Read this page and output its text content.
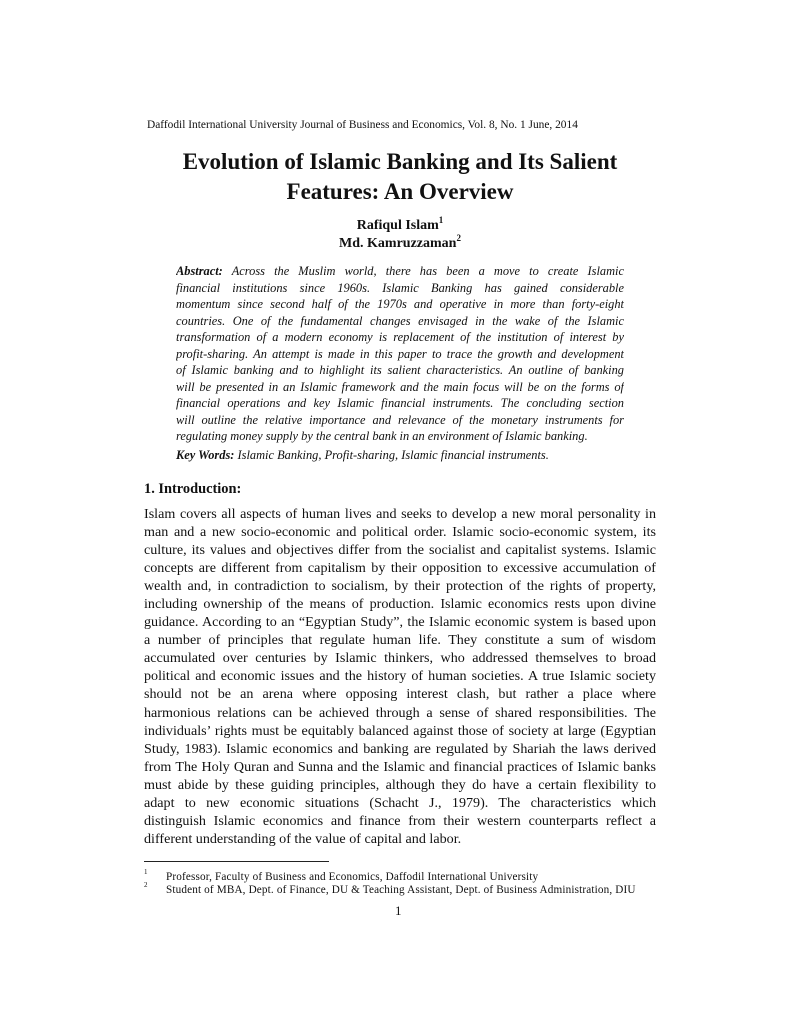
Daffodil International University Journal of Business and Economics, Vol. 8, No. 1 June, 2014
Evolution of Islamic Banking and Its Salient
Features: An Overview
Rafiqul Islam$^1$
Md. Kamruzzaman$^2$
Abstract: Across the Muslim world, there has been a move to create Islamic
financial institutions since 1960s. Islamic Banking has gained considerable
momentum since second half of the 1970s and operative in more than forty-eight
countries. One of the fundamental changes envisaged in the wake of the Islamic
transformation of a modern economy is replacement of the institution of interest by
profit-sharing. An attempt is made in this paper to trace the growth and development
of Islamic banking and to highlight its salient characteristics. An outline of banking
will be presented in an Islamic framework and the main focus will be on the forms of
financial operations and key Islamic financial instruments. The concluding section
will outline the relative importance and relevance of the monetary instruments for
regulating money supply by the central bank in an environment of Islamic banking.
Key Words: Islamic Banking, Profit-sharing, Islamic financial instruments.
1. Introduction:
Islam covers all aspects of human lives and seeks to develop a new moral personality in
man and a new socio-economic and political order. Islamic socio-economic system, its
culture, its values and objectives differ from the socialist and capitalist systems. Islamic
concepts are different from capitalism by their opposition to excessive accumulation of
wealth and, in contradiction to socialism, by their protection of the rights of property,
including ownership of the means of production. Islamic economics rests upon divine
guidance. According to an “Egyptian Study”, the Islamic economic system is based upon
a number of principles that regulate human life. They constitute a sum of wisdom
accumulated over centuries by Islamic thinkers, who addressed themselves to broad
political and economic issues and the history of human societies. A true Islamic society
should not be an arena where opposing interest clash, but rather a place where
harmonious relations can be achieved through a sense of shared responsibilities. The
individuals’ rights must be equitably balanced against those of society at large (Egyptian
Study, 1983). Islamic economics and banking are regulated by Shariah the laws derived
from The Holy Quran and Sunna and the Islamic and financial practices of Islamic banks
must abide by these guiding principles, although they do have a certain flexibility to
adapt to new economic situations (Schacht J., 1979). The characteristics which
distinguish Islamic economics and finance from their western counterparts reflect a
different understanding of the value of capital and labor.
1 Professor, Faculty of Business and Economics, Daffodil International University
2 Student of MBA, Dept. of Finance, DU & Teaching Assistant, Dept. of Business Administration, DIU
1
